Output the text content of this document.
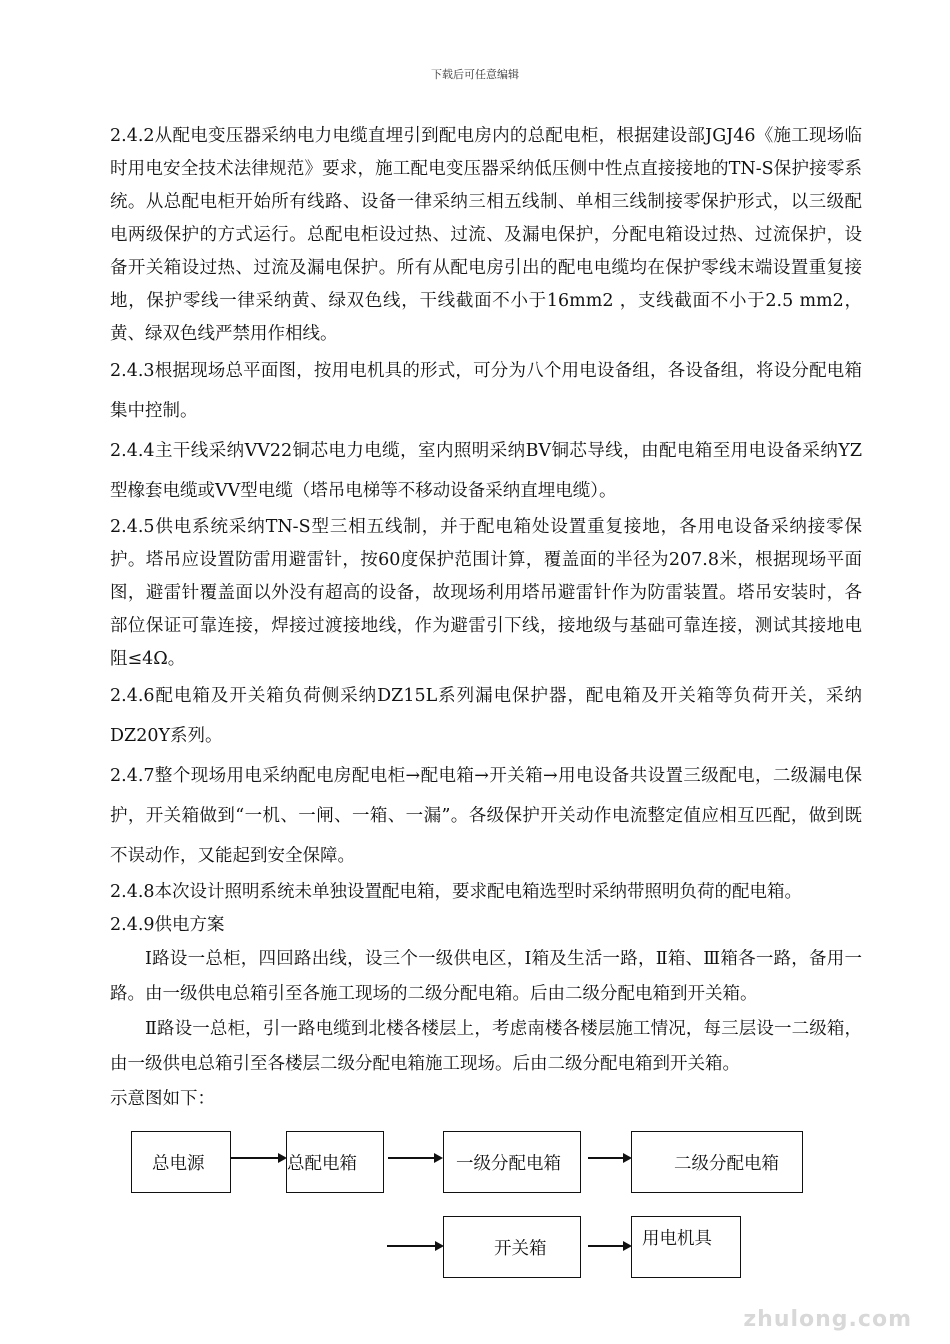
下载后可任意编辑

2.4.2从配电变压器采纳电力电缆直埋引到配电房内的总配电柜，根据建设部JGJ46《施工现场临时用电安全技术法律规范》要求，施工配电变压器采纳低压侧中性点直接接地的TN-S保护接零系统。从总配电柜开始所有线路、设备一律采纳三相五线制、单相三线制接零保护形式，以三级配电两级保护的方式运行。总配电柜设过热、过流、及漏电保护，分配电箱设过热、过流保护，设备开关箱设过热、过流及漏电保护。所有从配电房引出的配电电缆均在保护零线末端设置重复接地，保护零线一律采纳黄、绿双色线，干线截面不小于16mm2 ，支线截面不小于2.5 mm2，黄、绿双色线严禁用作相线。

2.4.3根据现场总平面图，按用电机具的形式，可分为八个用电设备组，各设备组，将设分配电箱集中控制。

2.4.4主干线采纳VV22铜芯电力电缆，室内照明采纳BV铜芯导线，由配电箱至用电设备采纳YZ型橡套电缆或VV型电缆（塔吊电梯等不移动设备采纳直埋电缆）。

2.4.5供电系统采纳TN-S型三相五线制，并于配电箱处设置重复接地，各用电设备采纳接零保护。塔吊应设置防雷用避雷针，按60度保护范围计算，覆盖面的半径为207.8米，根据现场平面图，避雷针覆盖面以外没有超高的设备，故现场利用塔吊避雷针作为防雷装置。塔吊安装时，各部位保证可靠连接，焊接过渡接地线，作为避雷引下线，接地级与基础可靠连接，测试其接地电阻≤4Ω。

2.4.6配电箱及开关箱负荷侧采纳DZ15L系列漏电保护器，配电箱及开关箱等负荷开关，采纳DZ20Y系列。

2.4.7整个现场用电采纳配电房配电柜→配电箱→开关箱→用电设备共设置三级配电，二级漏电保护，开关箱做到“一机、一闸、一箱、一漏”。各级保护开关动作电流整定值应相互匹配，做到既不误动作，又能起到安全保障。

2.4.8本次设计照明系统未单独设置配电箱，要求配电箱选型时采纳带照明负荷的配电箱。

2.4.9供电方案

Ⅰ路设一总柜，四回路出线，设三个一级供电区，Ⅰ箱及生活一路，Ⅱ箱、Ⅲ箱各一路，备用一路。由一级供电总箱引至各施工现场的二级分配电箱。后由二级分配电箱到开关箱。

Ⅱ路设一总柜，引一路电缆到北楼各楼层上，考虑南楼各楼层施工情况，每三层设一二级箱，由一级供电总箱引至各楼层二级分配电箱施工现场。后由二级分配电箱到开关箱。

示意图如下：

总电源	总配电箱	一级分配电箱	二级分配电箱
开关箱	用电机具
zhulong.com
